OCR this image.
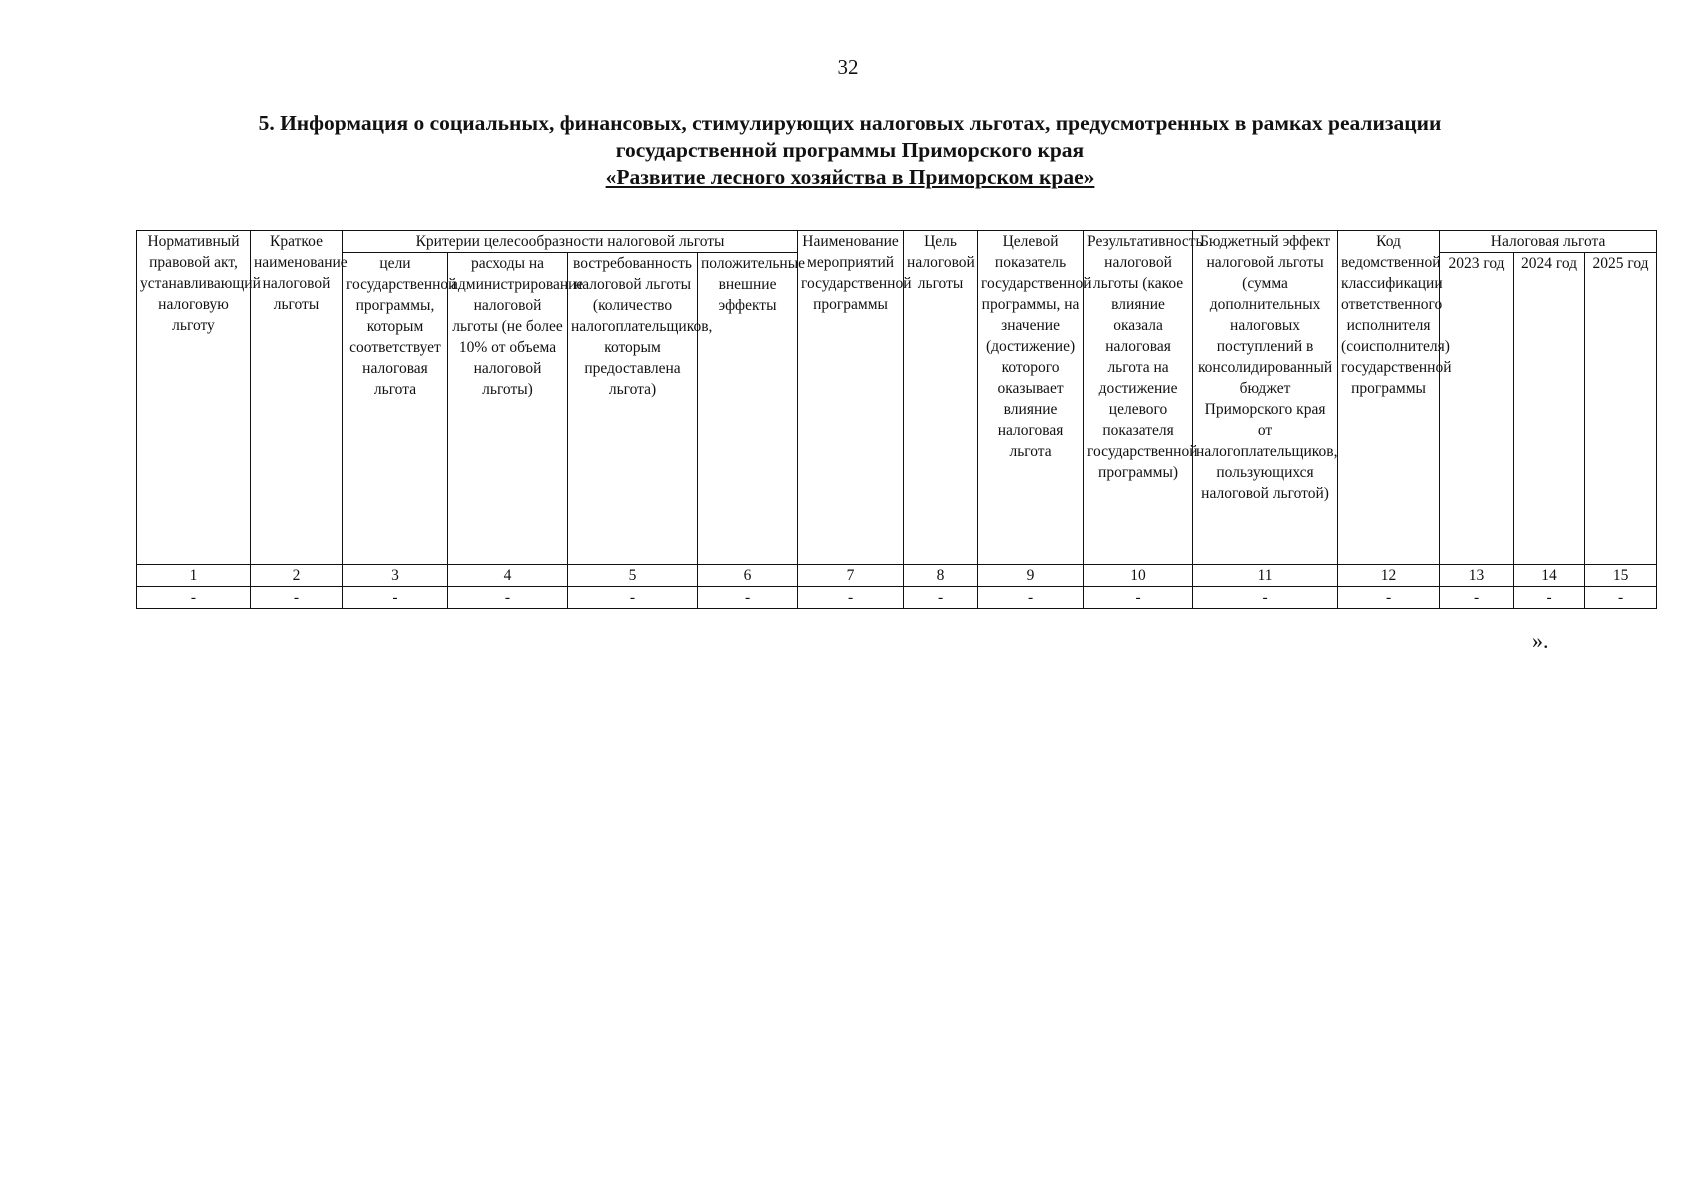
32
5. Информация о социальных, финансовых, стимулирующих налоговых льготах, предусмотренных в рамках реализации
государственной программы Приморского края
«Развитие лесного хозяйства в Приморском крае»
Нормативный правовой акт, устанавливающий налоговую льготу	Краткое наименование налоговой льготы	Критерии целесообразности налоговой льготы				Наименование мероприятий государственной программы	Цель налоговой льготы	Целевой показатель государственной программы, на значение (достижение) которого оказывает влияние налоговая льгота	Результативность налоговой льготы (какое влияние оказала налоговая льгота на достижение целевого показателя государственной программы)	Бюджетный эффект налоговой льготы (сумма дополнительных налоговых поступлений в консолидированный бюджет Приморского края от налогоплательщиков, пользующихся налоговой льготой)	Код ведомственной классификации ответственного исполнителя (соисполнителя) государственной программы	Налоговая льгота		
		цели государственной программы, которым соответствует налоговая льгота	расходы на администрирование налоговой льготы (не более 10% от объема налоговой льготы)	востребованность налоговой льготы (количество налогоплательщиков, которым предоставлена льгота)	положительные внешние эффекты							2023 год	2024 год	2025 год
1	2	3	4	5	6	7	8	9	10	11	12	13	14	15
-	-	-	-	-	-	-	-	-	-	-	-	-	-	-
».
